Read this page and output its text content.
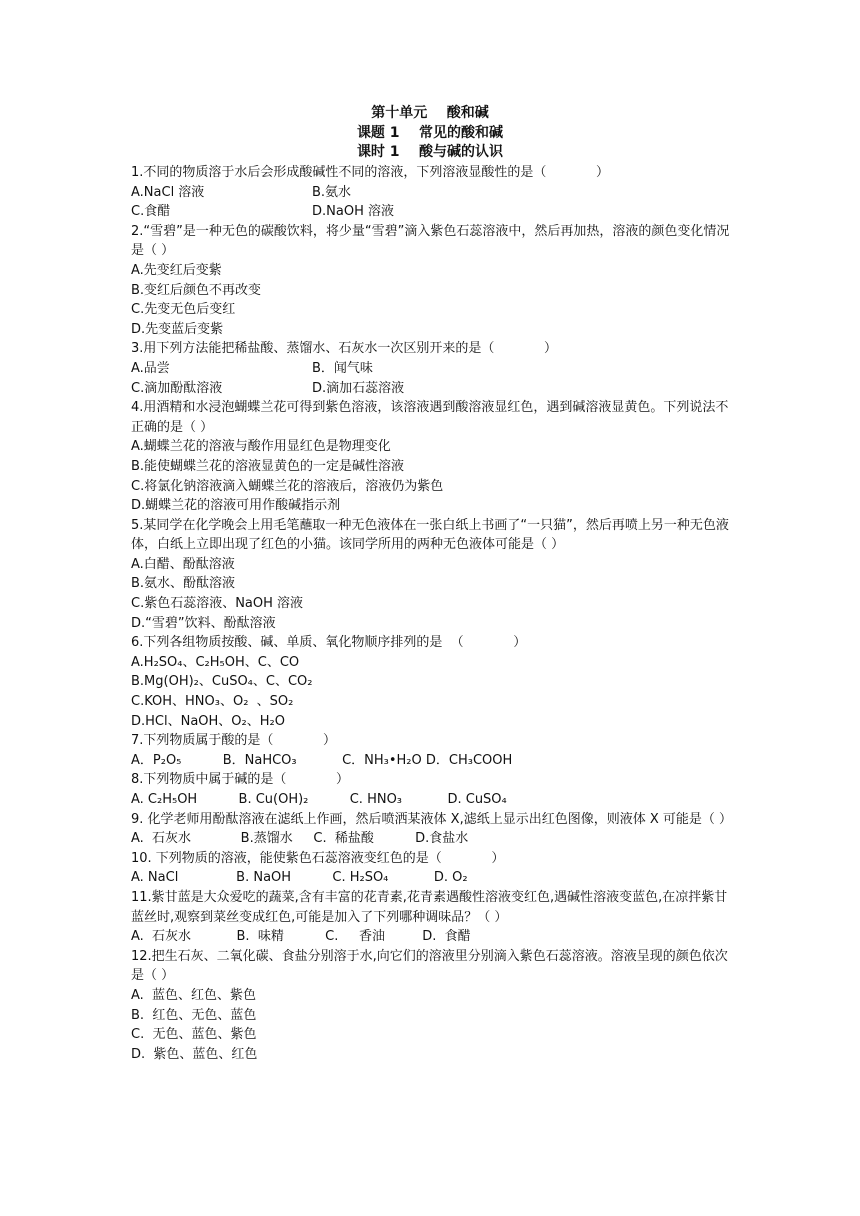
第十单元    酸和碱
课题 1    常见的酸和碱
课时 1    酸与碱的认识
1.不同的物质溶于水后会形成酸碱性不同的溶液，下列溶液显酸性的是（            ）
A.NaCl 溶液	B.氨水
C.食醋	D.NaOH 溶液
2.“雪碧”是一种无色的碳酸饮料，将少量“雪碧”滴入紫色石蕊溶液中，然后再加热，溶液的颜色变化情况是（ ）
A.先变红后变紫
B.变红后颜色不再改变
C.先变无色后变红
D.先变蓝后变紫
3.用下列方法能把稀盐酸、蒸馏水、石灰水一次区别开来的是（            ）
A.品尝	B．闻气味
C.滴加酚酞溶液	D.滴加石蕊溶液
4.用酒精和水浸泡蝴蝶兰花可得到紫色溶液，该溶液遇到酸溶液显红色，遇到碱溶液显黄色。下列说法不正确的是（ ）
A.蝴蝶兰花的溶液与酸作用显红色是物理变化
B.能使蝴蝶兰花的溶液显黄色的一定是碱性溶液
C.将氯化钠溶液滴入蝴蝶兰花的溶液后，溶液仍为紫色
D.蝴蝶兰花的溶液可用作酸碱指示剂
5.某同学在化学晚会上用毛笔蘸取一种无色液体在一张白纸上书画了“一只猫”，然后再喷上另一种无色液体，白纸上立即出现了红色的小猫。该同学所用的两种无色液体可能是（ ）
A.白醋、酚酞溶液
B.氨水、酚酞溶液
C.紫色石蕊溶液、NaOH 溶液
D.“雪碧”饮料、酚酞溶液
6.下列各组物质按酸、碱、单质、氧化物顺序排列的是  （            ）
A.H₂SO₄、C₂H₅OH、C、CO
B.Mg(OH)₂、CuSO₄、C、CO₂
C.KOH、HNO₃、O₂  、SO₂
D.HCl、NaOH、O₂、H₂O
7.下列物质属于酸的是（            ）
A．P₂O₅          B．NaHCO₃           C．NH₃•H₂O D．CH₃COOH
8.下列物质中属于碱的是（            ）
A. C₂H₅OH          B. Cu(OH)₂          C. HNO₃           D. CuSO₄
9. 化学老师用酚酞溶液在滤纸上作画，然后喷洒某液体 X,滤纸上显示出红色图像，则液体 X 可能是（ ）
A.  石灰水            B.蒸馏水     C.  稀盐酸          D.食盐水
10. 下列物质的溶液，能使紫色石蕊溶液变红色的是（            ）
A. NaCl              B. NaOH          C. H₂SO₄           D. O₂
11.紫甘蓝是大众爱吃的蔬菜,含有丰富的花青素,花青素遇酸性溶液变红色,遇碱性溶液变蓝色,在凉拌紫甘蓝丝时,观察到菜丝变成红色,可能是加入了下列哪种调味品？（ ）
A.  石灰水           B.  味精          C.     香油         D.  食醋
12.把生石灰、二氧化碳、食盐分别溶于水,向它们的溶液里分别滴入紫色石蕊溶液。溶液呈现的颜色依次是（ ）
A.  蓝色、红色、紫色
B.  红色、无色、蓝色
C.  无色、蓝色、紫色
D.  紫色、蓝色、红色
